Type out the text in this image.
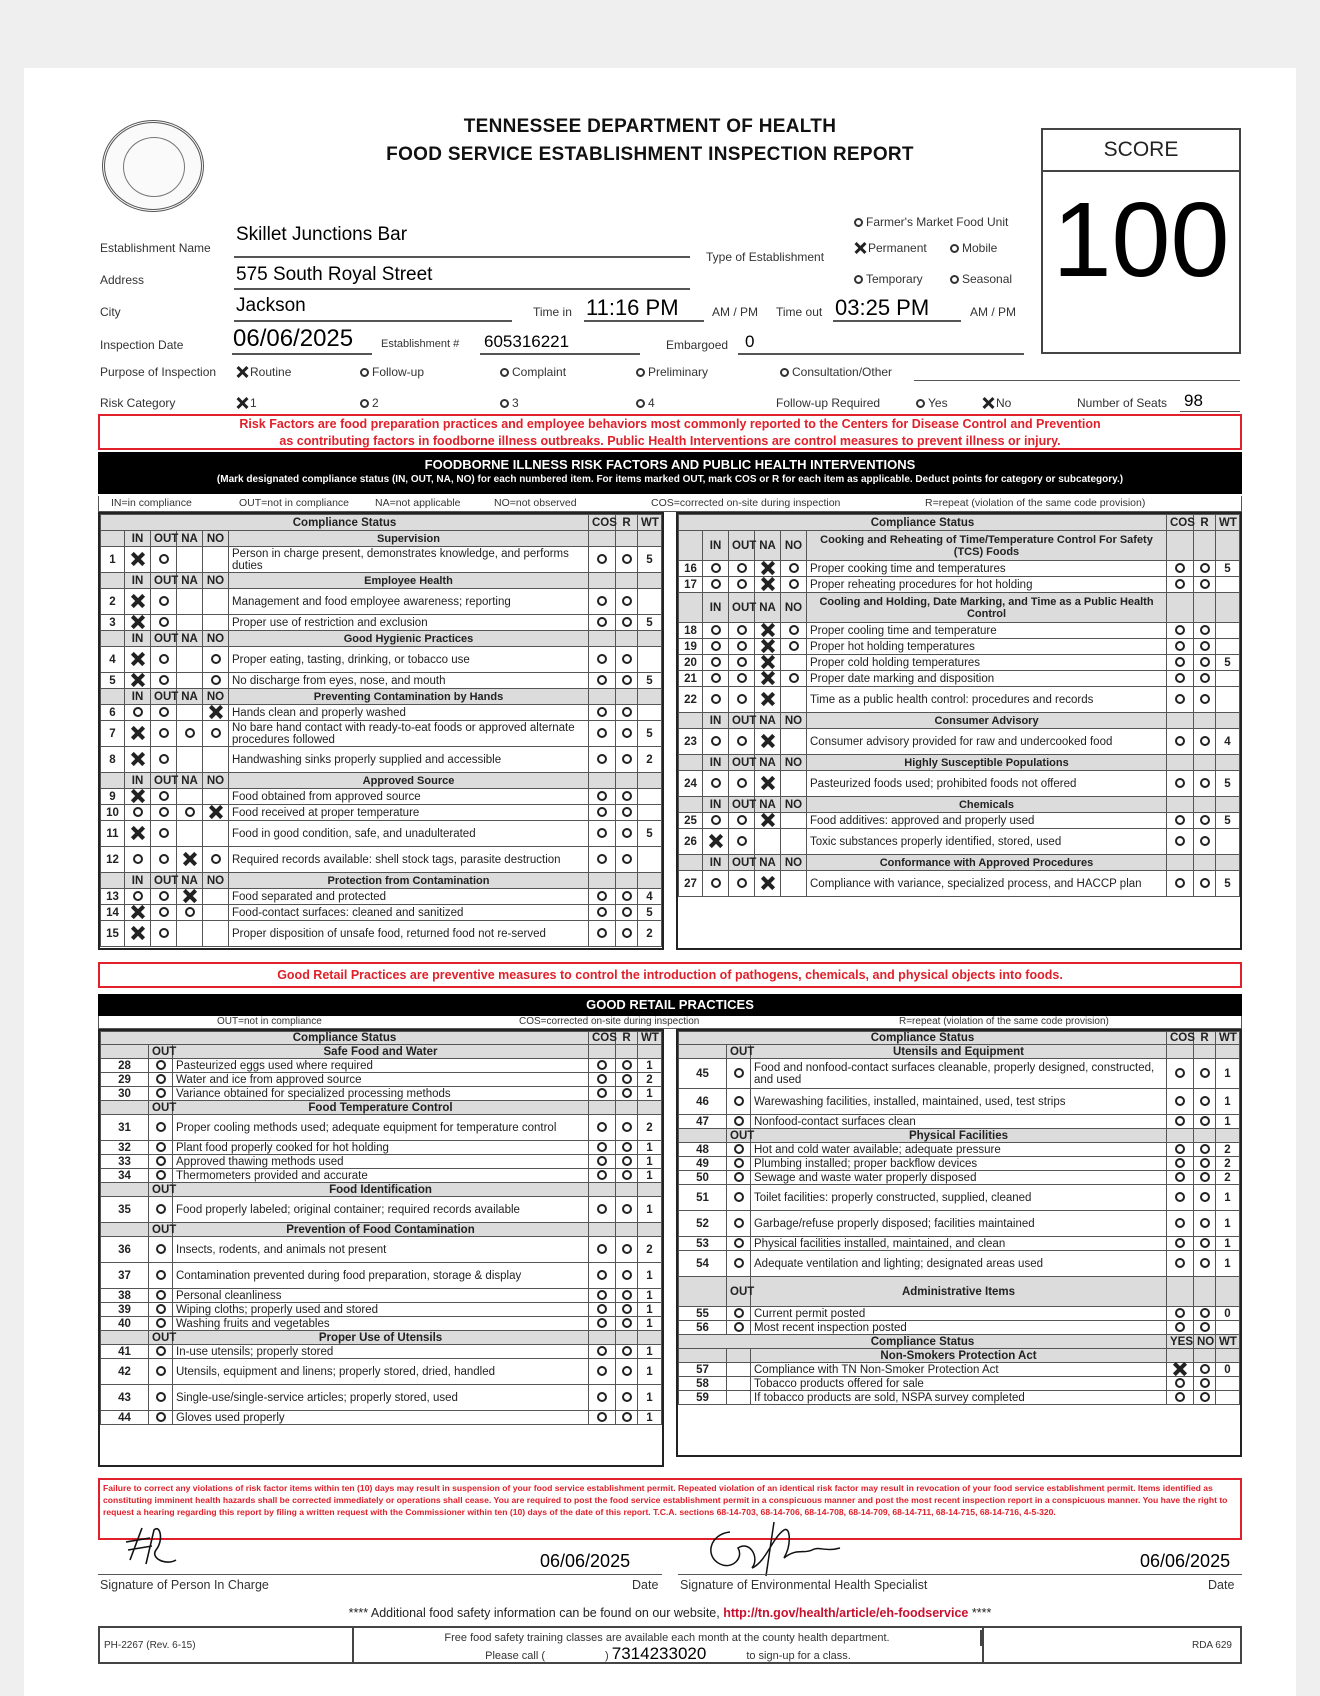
TENNESSEE DEPARTMENT OF HEALTH
FOOD SERVICE ESTABLISHMENT INSPECTION REPORT	SCORE
100
Establishment Name
Skillet Junctions Bar
Address	575 South Royal Street
City	Jackson	Time in 11:16 PM	AM / PM Time out 03:25 PM	AM / PM
Inspection Date 06/06/2025	Establishment # 605316221	Embargoed 0
Type of Establishment
Farmer's Market Food Unit
Permanent	Mobile
Temporary	Seasonal
Purpose of Inspection	Routine	Follow-up	Complaint	Preliminary	Consultation/Other
Risk Category	1	2	3	4	Follow-up Required	Yes	No	Number of Seats 98
Risk Factors are food preparation practices and employee behaviors most commonly reported to the Centers for Disease Control and Prevention
as contributing factors in foodborne illness outbreaks. Public Health Interventions are control measures to prevent illness or injury.
FOODBORNE ILLNESS RISK FACTORS AND PUBLIC HEALTH INTERVENTIONS
(Mark designated compliance status (IN, OUT, NA, NO) for each numbered item. For items marked OUT, mark COS or R for each item as applicable. Deduct points for category or subcategory.)
IN=in compliance	OUT=not in compliance NA=not applicable	NO=not observed	COS=corrected on-site during inspection	R=repeat (violation of the same code provision)
Compliance Status						COS	R	WT
	IN	OUT	NA	NO	Supervision			
1					Person in charge present, demonstrates knowledge, and performs duties			5
	IN	OUT	NA	NO	Employee Health			
2					Management and food employee awareness; reporting			
3					Proper use of restriction and exclusion			5
	IN	OUT	NA	NO	Good Hygienic Practices			
4					Proper eating, tasting, drinking, or tobacco use			
5					No discharge from eyes, nose, and mouth			5
	IN	OUT	NA	NO	Preventing Contamination by Hands			
6					Hands clean and properly washed			
7					No bare hand contact with ready-to-eat foods or approved alternate procedures followed			5
8					Handwashing sinks properly supplied and accessible			2
	IN	OUT	NA	NO	Approved Source			
9					Food obtained from approved source			
10					Food received at proper temperature			
11					Food in good condition, safe, and unadulterated			5
12					Required records available: shell stock tags, parasite destruction			
	IN	OUT	NA	NO	Protection from Contamination			
13					Food separated and protected			4
14					Food-contact surfaces: cleaned and sanitized			5
15					Proper disposition of unsafe food, returned food not re-served			2
Compliance Status						COS	R	WT
	IN	OUT	NA	NO	Cooking and Reheating of Time/Temperature Control For Safety (TCS) Foods			
16					Proper cooking time and temperatures			5
17					Proper reheating procedures for hot holding			
	IN	OUT	NA	NO	Cooling and Holding, Date Marking, and Time as a Public Health Control			
18					Proper cooling time and temperature			
19					Proper hot holding temperatures			
20					Proper cold holding temperatures			5
21					Proper date marking and disposition			
22					Time as a public health control: procedures and records			
	IN	OUT	NA	NO	Consumer Advisory			
23					Consumer advisory provided for raw and undercooked food			4
	IN	OUT	NA	NO	Highly Susceptible Populations			
24					Pasteurized foods used; prohibited foods not offered			5
	IN	OUT	NA	NO	Chemicals			
25					Food additives: approved and properly used			5
26					Toxic substances properly identified, stored, used			
	IN	OUT	NA	NO	Conformance with Approved Procedures			
27					Compliance with variance, specialized process, and HACCP plan			5
Good Retail Practices are preventive measures to control the introduction of pathogens, chemicals, and physical objects into foods.
GOOD RETAIL PRACTICES
OUT=not in compliance	COS=corrected on-site during inspection	R=repeat (violation of the same code provision)
Compliance Status			COS	R	WT
	OUT	Safe Food and Water			
28		Pasteurized eggs used where required			1
29		Water and ice from approved source			2
30		Variance obtained for specialized processing methods			1
	OUT	Food Temperature Control			
31		Proper cooling methods used; adequate equipment for temperature control			2
32		Plant food properly cooked for hot holding			1
33		Approved thawing methods used			1
34		Thermometers provided and accurate			1
	OUT	Food Identification			
35		Food properly labeled; original container; required records available			1
	OUT	Prevention of Food Contamination			
36		Insects, rodents, and animals not present			2
37		Contamination prevented during food preparation, storage & display			1
38		Personal cleanliness			1
39		Wiping cloths; properly used and stored			1
40		Washing fruits and vegetables			1
	OUT	Proper Use of Utensils			
41		In-use utensils; properly stored			1
42		Utensils, equipment and linens; properly stored, dried, handled			1
43		Single-use/single-service articles; properly stored, used			1
44		Gloves used properly			1
Compliance Status			COS	R	WT
	OUT	Utensils and Equipment			
45		Food and nonfood-contact surfaces cleanable, properly designed, constructed, and used			1
46		Warewashing facilities, installed, maintained, used, test strips			1
47		Nonfood-contact surfaces clean			1
	OUT	Physical Facilities			
48		Hot and cold water available; adequate pressure			2
49		Plumbing installed; proper backflow devices			2
50		Sewage and waste water properly disposed			2
51		Toilet facilities: properly constructed, supplied, cleaned			1
52		Garbage/refuse properly disposed; facilities maintained			1
53		Physical facilities installed, maintained, and clean			1
54		Adequate ventilation and lighting; designated areas used			1
	OUT	Administrative Items			
55		Current permit posted			0
56		Most recent inspection posted			
Compliance Status			YES	NO	WT
		Non-Smokers Protection Act			
57		Compliance with TN Non-Smoker Protection Act			0
58		Tobacco products offered for sale			
59		If tobacco products are sold, NSPA survey completed			
Failure to correct any violations of risk factor items within ten (10) days may result in suspension of your food service establishment permit. Repeated violation of an identical risk factor may result in revocation of your food service establishment permit. Items identified as constituting imminent health hazards shall be corrected immediately or operations shall cease. You are required to post the food service establishment permit in a conspicuous manner and post the most recent inspection report in a conspicuous manner. You have the right to request a hearing regarding this report by filing a written request with the Commissioner within ten (10) days of the date of this report. T.C.A. sections 68-14-703, 68-14-706, 68-14-708, 68-14-709, 68-14-711, 68-14-715, 68-14-716, 4-5-320.
06/06/2025
Signature of Person In Charge	Date
06/06/2025
Signature of Environmental Health Specialist	Date
**** Additional food safety information can be found on our website, http://tn.gov/health/article/eh-foodservice ****
PH-2267 (Rev. 6-15)
Free food safety training classes are available each month at the county health department.
Please call (	) 7314233020	to sign-up for a class.
RDA 629
